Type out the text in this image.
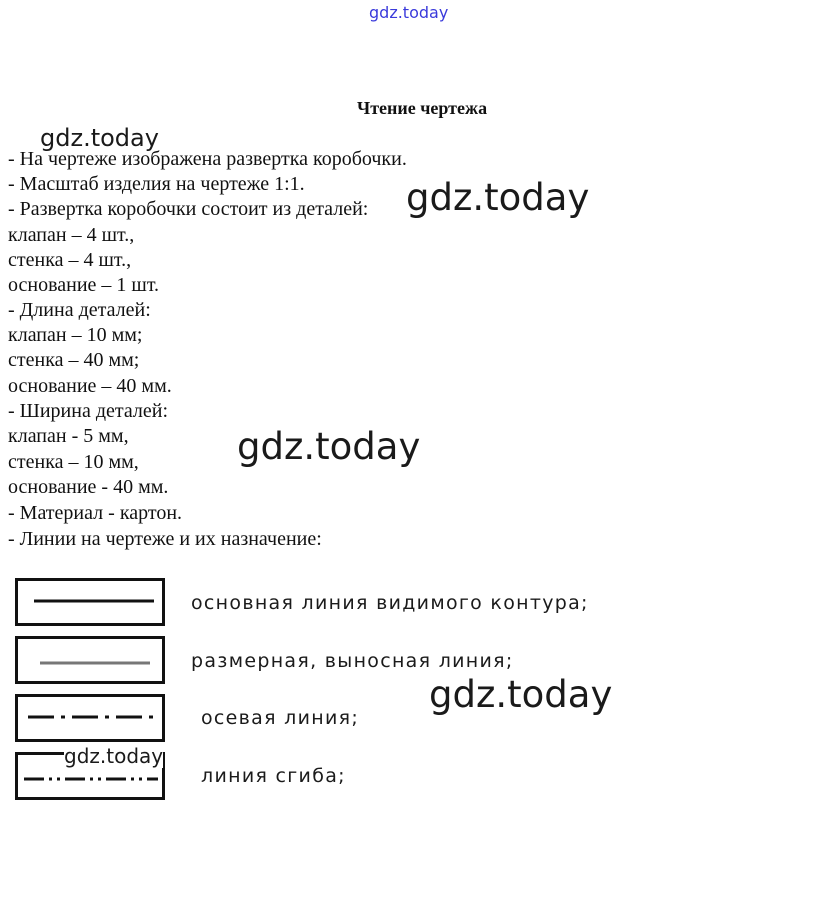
gdz.today
Чтение чертежа
- На чертеже изображена развертка коробочки.
- Масштаб изделия на чертеже 1:1.
- Развертка коробочки состоит из деталей:
клапан – 4 шт.,
стенка – 4 шт.,
основание – 1 шт.
- Длина деталей:
клапан – 10 мм;
стенка – 40 мм;
основание – 40 мм.
- Ширина деталей:
клапан - 5 мм,
стенка – 10 мм,
основание - 40 мм.
- Материал - картон.
- Линии на чертеже и их назначение:
основная линия видимого контура;
размерная, выносная линия;
осевая линия;
линия сгиба;
gdz.today
gdz.today
gdz.today
gdz.today
gdz.today
